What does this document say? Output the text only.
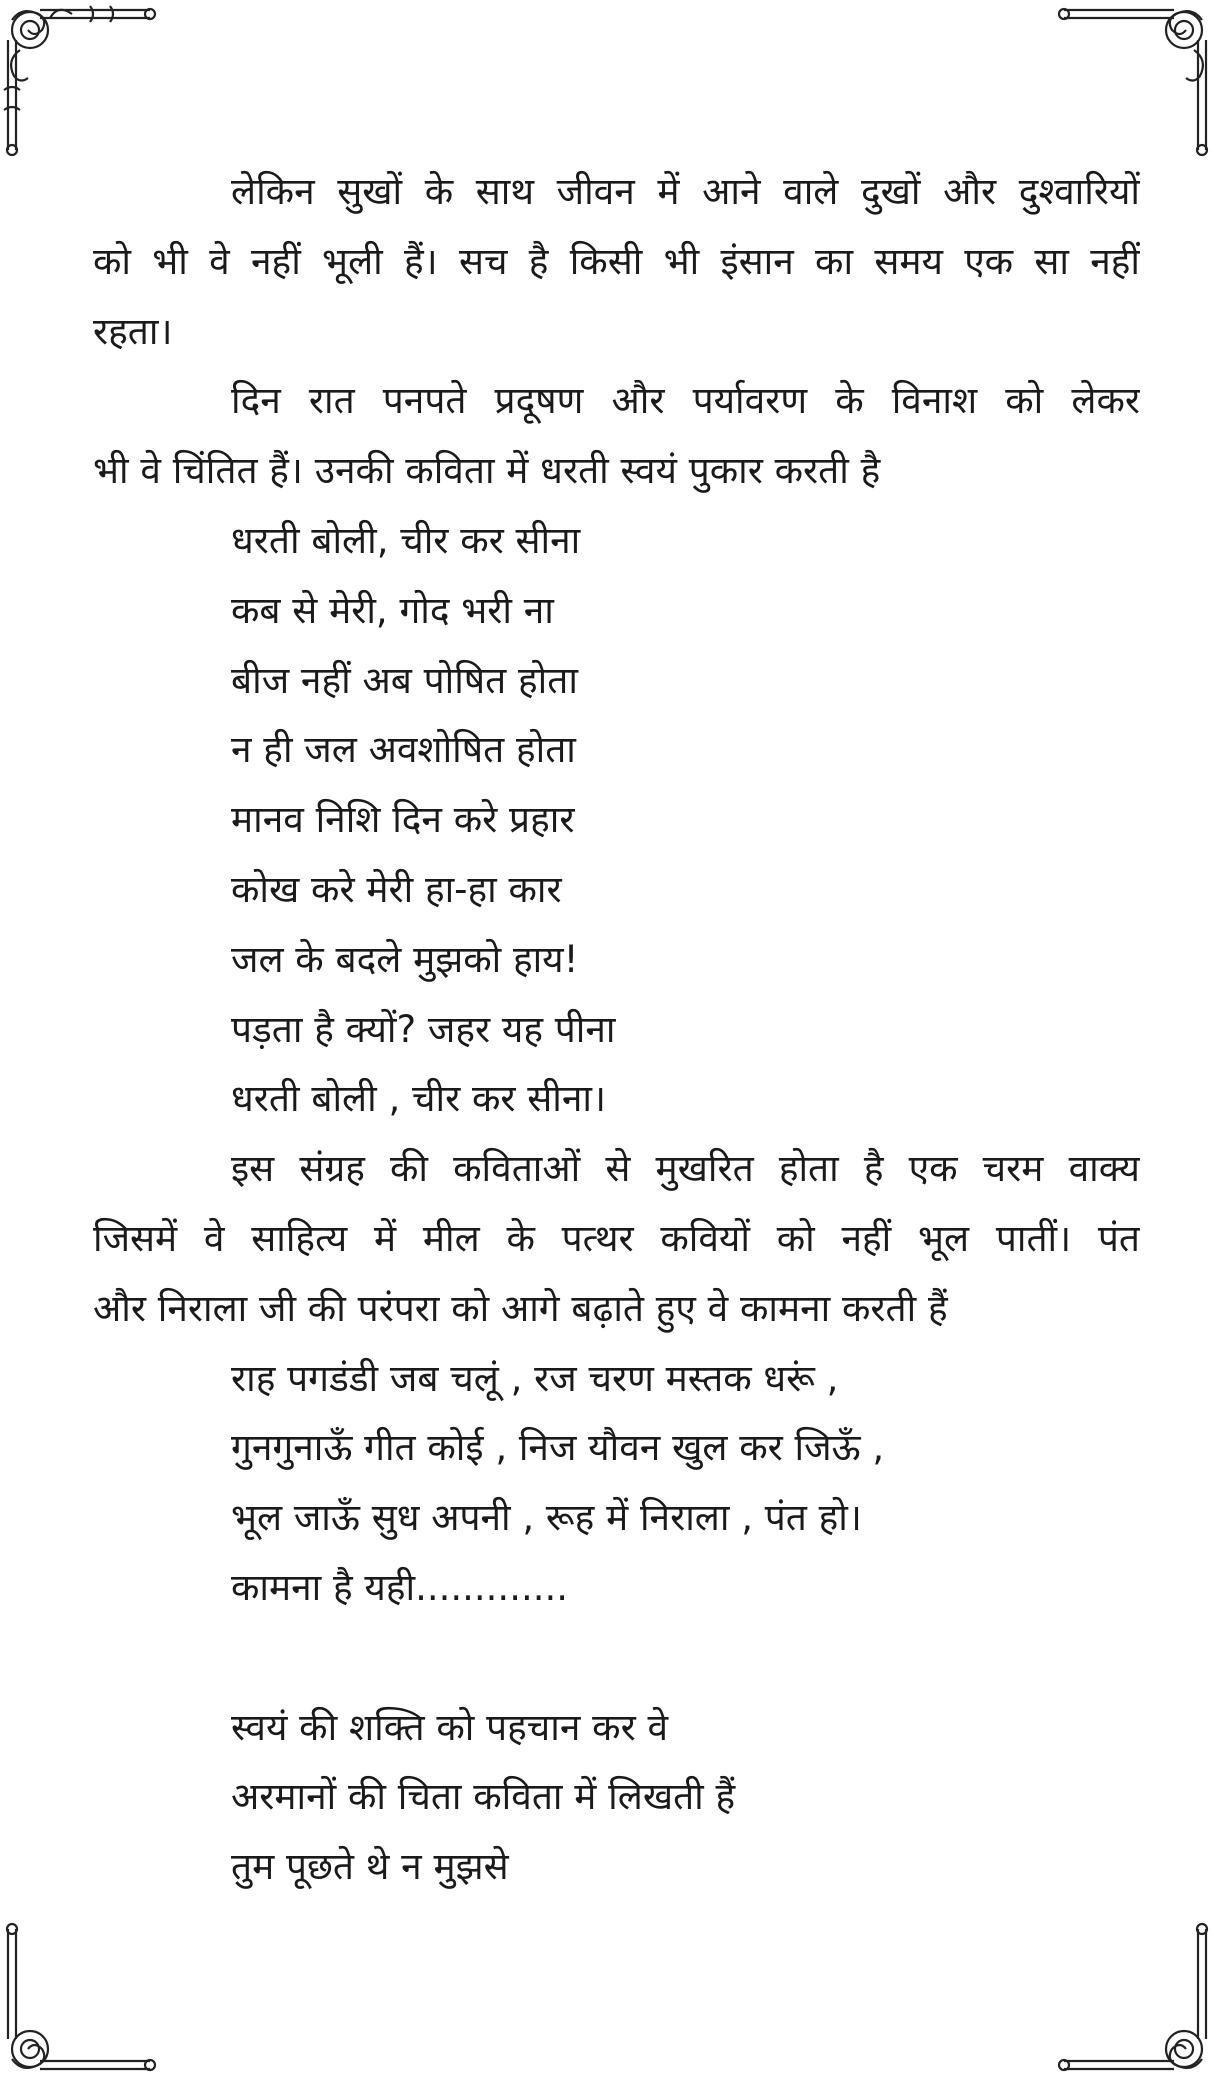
लेकिन सुखों के साथ जीवन में आने वाले दुखों और दुश्वारियों
को भी वे नहीं भूली हैं। सच है किसी भी इंसान का समय एक सा नहीं
रहता।
दिन रात पनपते प्रदूषण और पर्यावरण के विनाश को लेकर
भी वे चिंतित हैं। उनकी कविता में धरती स्वयं पुकार करती है
धरती बोली, चीर कर सीना
कब से मेरी, गोद भरी ना
बीज नहीं अब पोषित होता
न ही जल अवशोषित होता
मानव निशि दिन करे प्रहार
कोख करे मेरी हा-हा कार
जल के बदले मुझको हाय!
पड़ता है क्यों? जहर यह पीना
धरती बोली , चीर कर सीना।
इस संग्रह की कविताओं से मुखरित होता है एक चरम वाक्य
जिसमें वे साहित्य में मील के पत्थर कवियों को नहीं भूल पातीं। पंत
और निराला जी की परंपरा को आगे बढ़ाते हुए वे कामना करती हैं
राह पगडंडी जब चलूं , रज चरण मस्तक धरूं ,
गुनगुनाऊँ गीत कोई , निज यौवन खुल कर जिऊँ ,
भूल जाऊँ सुध अपनी , रूह में निराला , पंत हो।
कामना है यही.............
स्वयं की शक्ति को पहचान कर वे
अरमानों की चिता कविता में लिखती हैं
तुम पूछते थे न मुझसे
